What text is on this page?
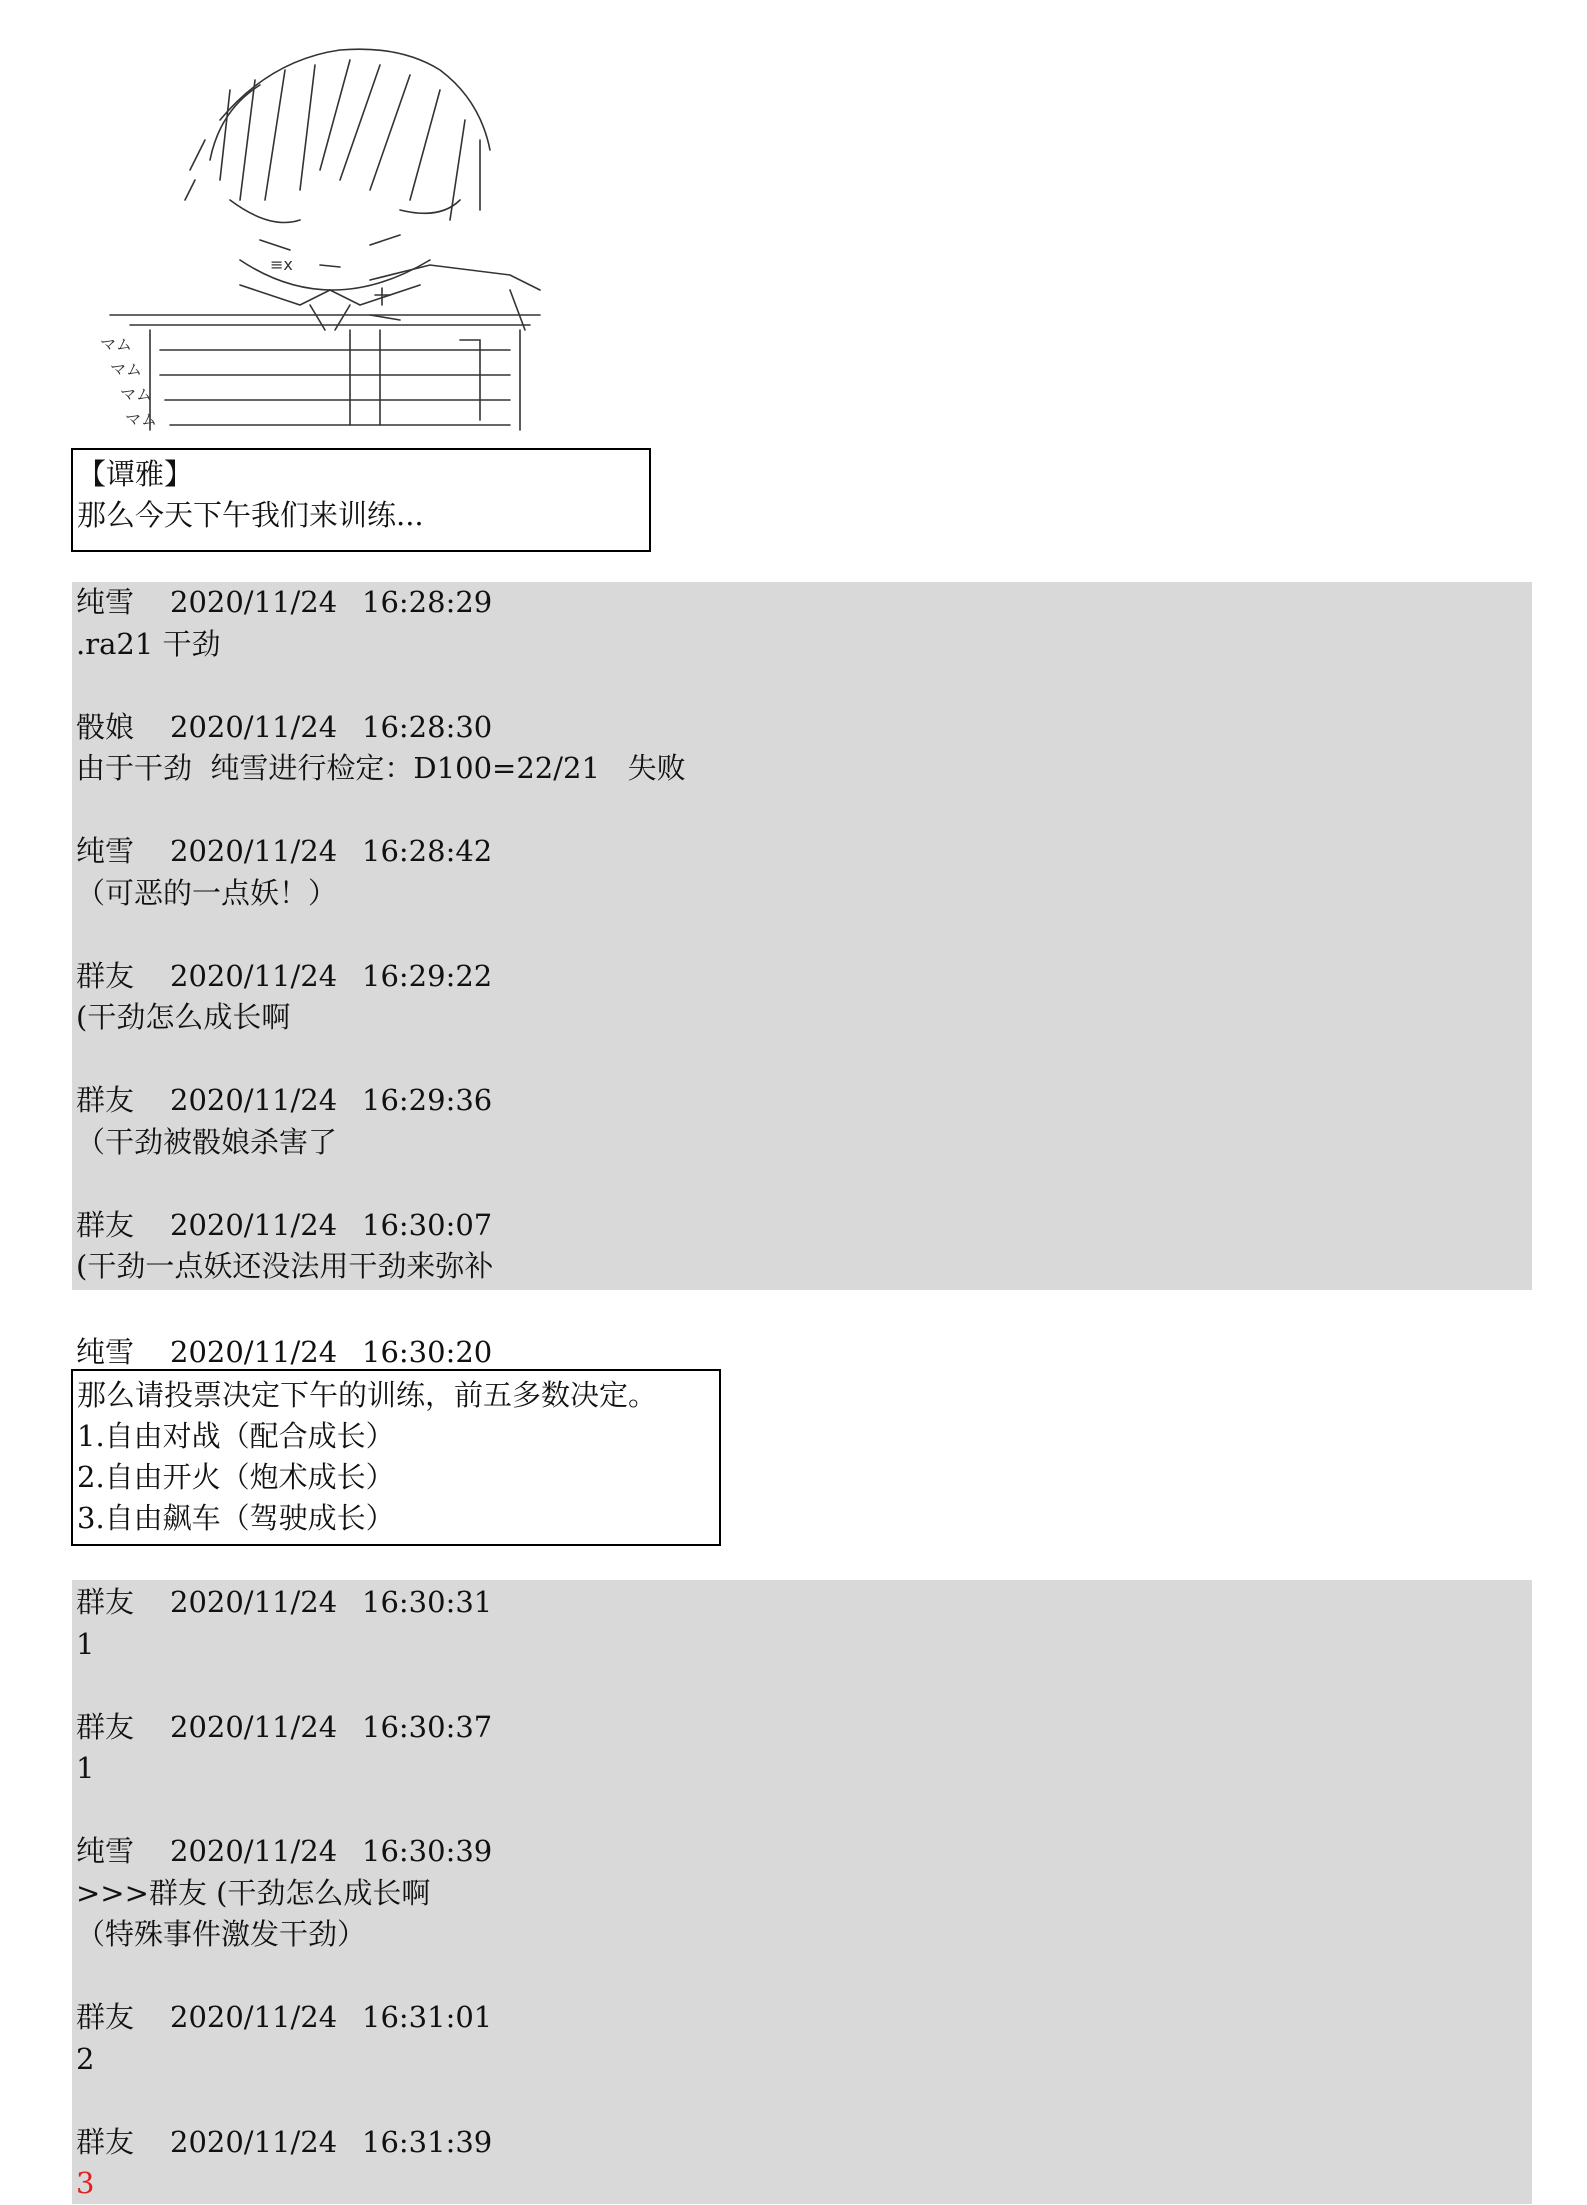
マム
マム
マム
マム
≡x
【谭雅】
那么今天下午我们来训练...
纯雪 2020/11/24 16:28:29
.ra21 干劲
骰娘 2020/11/24 16:28:30
由于干劲  纯雪进行检定：D100=22/21   失败
纯雪 2020/11/24 16:28:42
（可恶的一点妖！）
群友 2020/11/24 16:29:22
(干劲怎么成长啊
群友 2020/11/24 16:29:36
（干劲被骰娘杀害了
群友 2020/11/24 16:30:07
(干劲一点妖还没法用干劲来弥补
纯雪 2020/11/24 16:30:20
那么请投票决定下午的训练，前五多数决定。
1.自由对战（配合成长）
2.自由开火（炮术成长）
3.自由飙车（驾驶成长）
群友 2020/11/24 16:30:31
1
群友 2020/11/24 16:30:37
1
纯雪 2020/11/24 16:30:39
>>>群友 (干劲怎么成长啊
（特殊事件激发干劲）
群友 2020/11/24 16:31:01
2
群友 2020/11/24 16:31:39
3
